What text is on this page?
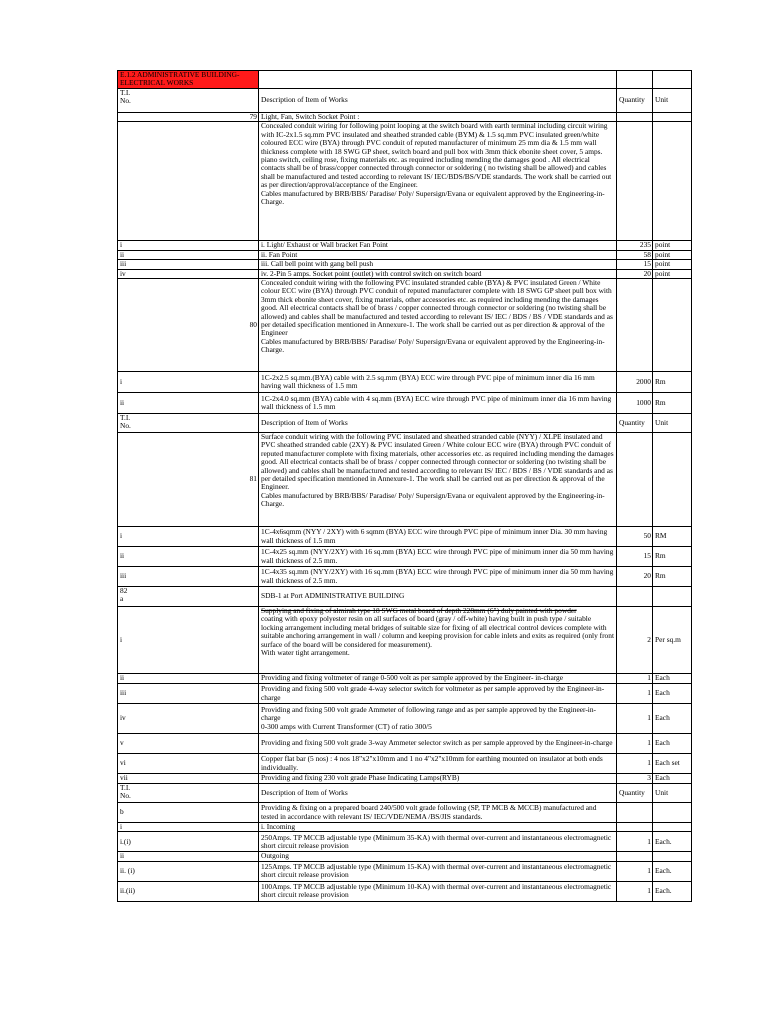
E.1.2 ADMINISTRATIVE BUILDING-ELECTRICAL WORKS			

T.I.
No.	Description of Item of Works	Quantity	Unit
79	Light, Fan, Switch Socket Point :		

	Concealed conduit wiring for following point looping at the switch board with earth terminal including circuit wiring with IC-2x1.5 sq.mm PVC insulated and sheathed stranded cable (BYM) & 1.5 sq.mm PVC insulated green/white coloured ECC wire (BYA) through PVC conduit of reputed manufacturer of minimum 25 mm dia & 1.5 mm wall thickness complete with 18 SWG GP sheet, switch board and pull box with 3mm thick ebonite sheet cover, 5 amps. piano switch, ceiling rose, fixing materials etc. as required including mending the damages good . All electrical contacts shall be of brass/copper connected through connector or soldering ( no twisting shall be allowed) and cables shall be manufactured and tested according to relevant IS/ IEC/BDS/BS/VDE standards. The work shall be carried out as per direction/approval/acceptance of the Engineer.
Cables manufactured by BRB/BBS/ Paradise/ Poly/ Supersign/Evana or equivalent approved by the Engineering-in-Charge.		

i	i. Light/ Exhaust or Wall bracket Fan Point	235	point
ii	ii. Fan Point	58	point
iii	iii. Call bell point with gang bell push	15	point
iv	iv. 2-Pin 5 amps. Socket point (outlet) with control switch on switch board	20	point
80	Concealed conduit wiring with the following PVC insulated stranded cable (BYA) & PVC insulated Green / White colour ECC wire (BYA) through PVC conduit of reputed manufacturer complete with 18 SWG GP sheet pull box with 3mm thick ebonite sheet cover, fixing materials, other accessories etc. as required including mending the damages good. All electrical contacts shall be of brass / copper connected through connector or soldering (no twisting shall be allowed) and cables shall be manufactured and tested according to relevant IS/ IEC / BDS / BS / VDE standards and as per detailed specification mentioned in Annexure-1. The work shall be carried out as per direction & approval of the Engineer
Cables manufactured by BRB/BBS/ Paradise/ Poly/ Supersign/Evana or equivalent approved by the Engineering-in-Charge.		

i	1C-2x2.5 sq.mm.(BYA) cable with 2.5 sq.mm (BYA) ECC wire through PVC pipe of minimum inner dia 16 mm having wall thickness of 1.5 mm	2000	Rm
ii	1C-2x4.0 sq.mm (BYA) cable with 4 sq.mm (BYA) ECC wire through PVC pipe of minimum inner dia 16 mm having wall thickness of 1.5 mm	1000	Rm

T.I.
No.	Description of Item of Works	Quantity	Unit
81	Surface conduit wiring with the following PVC insulated and sheathed stranded cable (NYY) / XLPE insulated and PVC sheathed stranded cable (2XY) & PVC insulated Green / White colour ECC wire (BYA) through PVC conduit of reputed manufacturer complete with fixing materials, other accessories etc. as required including mending the damages good. All electrical contacts shall be of brass / copper connected through connector or soldering (no twisting shall be allowed) and cables shall be manufactured and tested according to relevant IS/ IEC / BDS / BS / VDE standards and as per detailed specification mentioned in Annexure-1. The work shall be carried out as per direction & approval of the Engineer.
Cables manufactured by BRB/BBS/ Paradise/ Poly/ Supersign/Evana or equivalent approved by the Engineering-in-Charge.		

i	1C-4x6sqmm (NYY / 2XY) with 6 sqmm (BYA) ECC wire through PVC pipe of minimum inner Dia. 30 mm having wall thickness of 1.5 mm	50	RM
ii	1C-4x25 sq.mm (NYY/2XY) with 16 sq.mm (BYA) ECC wire through PVC pipe of minimum inner dia 50 mm having wall thickness of 2.5 mm.	15	Rm
iii	1C-4x35 sq.mm (NYY/2XY) with 16 sq.mm (BYA) ECC wire through PVC pipe of minimum inner dia 50 mm having wall thickness of 2.5 mm.	20	Rm

82
a	SDB-1 at Port ADMINISTRATIVE BUILDING		
i	Supplying and fixing of almirah type 18 SWG metal board of depth 228mm (6") duly painted with powder
coating with epoxy polyester resin on all surfaces of board (gray / off-white) having built in push type / suitable locking arrangement including metal bridges of suitable size for fixing of all electrical control devices complete with suitable anchoring arrangement in wall / column and keeping provision for cable inlets and exits as required (only front surface of the board will be considered for measurement).
With water tight arrangement.	2	Per sq.m
ii	Providing and fixing voltmeter of range 0-500 volt as per sample approved by the Engineer- in-charge	1	Each
iii	Providing and fixing 500 volt grade 4-way selector switch for voltmeter as per sample approved by the Engineer-in-charge	1	Each
iv	Providing and fixing 500 volt grade Ammeter of following range and as per sample approved by the Engineer-in-charge
0-300 amps with Current Transformer (CT) of ratio 300/5	1	Each
v	Providing and fixing 500 volt grade 3-way Ammeter selector switch as per sample approved by the Engineer-in-charge	1	Each
vi	Copper flat bar (5 nos) : 4 nos 18"x2"x10mm and 1 no 4"x2"x10mm for earthing mounted on insulator at both ends individually.	1	Each set
vii	Providing and fixing 230 volt grade Phase Indicating Lamps(RYB)	3	Each

T.I.
No.	Description of Item of Works	Quantity	Unit
b	Providing & fixing on a prepared board 240/500 volt grade following (SP, TP MCB & MCCB) manufactured and tested in accordance with relevant IS/ IEC/VDE/NEMA /BS/JIS standards.		
i	i. Incoming		
i.(i)	250Amps. TP MCCB adjustable type (Minimum 35-KA) with thermal over-current and instantaneous electromagnetic short circuit release provision	1	Each.
ii	Outgoing		
ii. (i)	125Amps. TP MCCB adjustable type (Minimum 15-KA) with thermal over-current and instantaneous electromagnetic short circuit release provision	1	Each.
ii.(ii)	100Amps. TP MCCB adjustable type (Minimum 10-KA) with thermal over-current and instantaneous electromagnetic short circuit release provision	1	Each.
